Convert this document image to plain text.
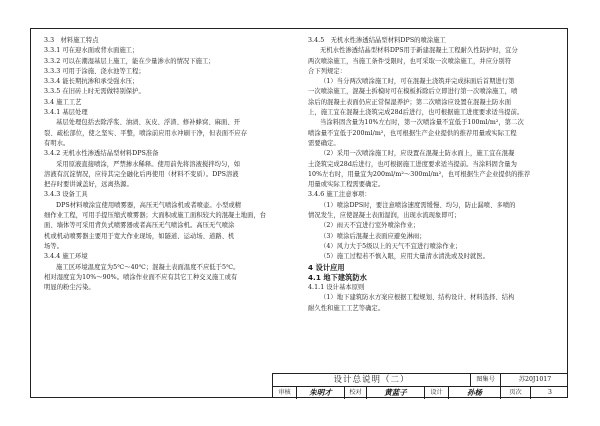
3.3　材料施工特点
3.3.1 可在迎水面或背水面施工；
3.3.2 可以在潮湿基层上施工，能在少量渗水的情况下施工；
3.3.3 可用于涂施、浇水池等工程；
3.3.4 能长期抗渗和承受强水压；
3.3.5 在旧砖上时无需做特别保护。
3.4 施工工艺
3.4.1 基层处理
基层处理包括去除浮浆、油渍、灰皮、浮渣、修补蜂窝、麻面、开
裂、疏松部位，使之坚实、平整，喷涂前应用水冲刷干净，但表面不应存
有明水。
3.4.2 无机水性渗透结晶型材料DPS准备
采用原液直接喷涂，严禁掺水稀释。使用前先将溶液搅拌均匀，如
溶液有沉淀情况，应待其完全融化后再使用（材料不变质）。DPS溶液
把存时要讲诚盖好，远离热源。
3.4.3 设备工具
DPS材料喷涂宜使用喷雾器，高压无气喷涂机或者喷壶。小型或精
细作业工程，可用手提压缩式喷雾器；大面积或施工面积较大的混凝土地面，台
面、墙体等可采用背负式喷雾器或者高压无气喷涂机。高压无气喷涂
机或机动喷雾器主要用于宽大作业现场，如隧道、运动场、道路、机
场等。
3.4.4 施工环境
施工区环境温度宜为5℃～40℃；混凝土表面温度不应低于5℃。
相对湿度宜为10%～90%。喷涂作业面不应有其它工种交叉施工或有
明显的粉尘污染。
3.4.5　无机水性渗透结晶型材料DPS的喷涂施工
无机水性渗透结晶型材料DPS用于新建混凝土工程耐久性防护时，宜分
两次喷涂施工，当施工条件受限时，也可采取一次喷涂施工，并应分别符
合下列规定：
（1）当分两次喷涂施工时，可在混凝土浇筑并完成抹面后首期进行第
一次喷涂施工，混凝土拆模时可在模板拆除后立即进行第一次喷涂施工，喷
涂后的混凝土表面仍应正常保湿养护；第二次喷涂应设置在混凝土防水面
上，施工宜在混凝土浇筑完成28d后进行，也可根据施工进度要求适当提前。
当涂料固含量为10%左右时，第一次喷涂量不宜低于100ml/m²，第二次
喷涂量不宜低于200ml/m²，也可根据生产企业提供的推荐用量或实际工程
需要确定。
（2）采用一次喷涂施工时，应设置在混凝土防水面上，施工宜在混凝
土浇筑完成28d后进行，也可根据施工进度要求适当提前。当涂料固含量为
10%左右时，用量宜为200ml/m²～300ml/m²，也可根据生产企业提供的推荐
用量或实际工程需要确定。
3.4.6 施工注意事项：
（1）喷涂DPS时，要注意喷涂速度需缓慢、均匀，防止漏喷、多喷的
情况发生，应使混凝土表面湿润，出现水流现象即可；
（2）雨天不宜进行室外喷涂作业；
（3）喷涂后混凝土表面应避免淋雨；
（4）风力大于5级以上的天气不宜进行喷涂作业；
（5）施工过程若不慎入眼，应用大量清水清洗或及时就医。
4 设计应用
4.1 地下建筑防水
4.1.1 设计基本原则
（1）地下建筑防水方案应根据工程规划、结构设计、材料选择、结构
耐久性和施工工艺等确定。
设计总说明（二）	图集号	苏20J1017
审核	朱明才	校对	黄蓝子	设计	孙杨	页次	3
